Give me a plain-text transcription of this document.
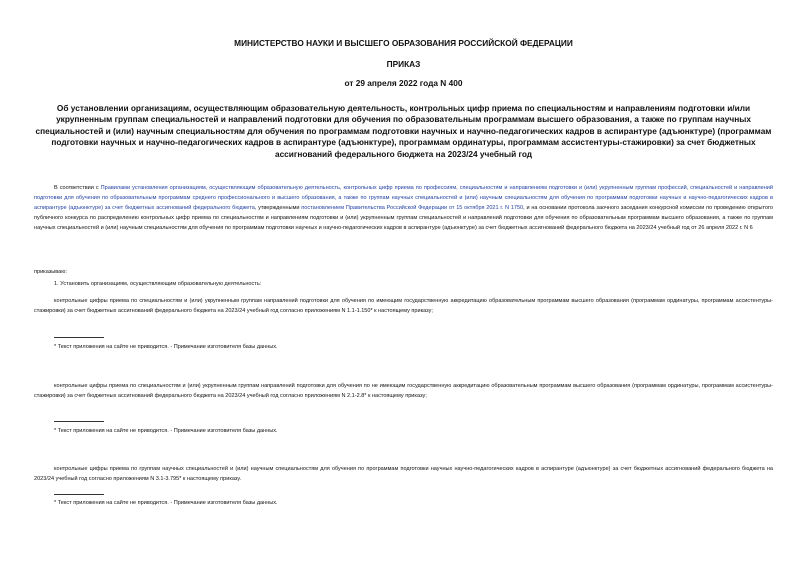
МИНИСТЕРСТВО НАУКИ И ВЫСШЕГО ОБРАЗОВАНИЯ РОССИЙСКОЙ ФЕДЕРАЦИИ
ПРИКАЗ
от 29 апреля 2022 года N 400
Об установлении организациям, осуществляющим образовательную деятельность, контрольных цифр приема по специальностям и направлениям подготовки и/или укрупненным группам специальностей и направлений подготовки для обучения по образовательным программам высшего образования, а также по группам научных специальностей и (или) научным специальностям для обучения по программам подготовки научных и научно-педагогических кадров в аспирантуре (адъюнктуре) (программам подготовки научных и научно-педагогических кадров в аспирантуре (адъюнктуре), программам ординатуры, программам ассистентуры-стажировки) за счет бюджетных ассигнований федерального бюджета на 2023/24 учебный год
В соответствии с Правилами установления организациям, осуществляющим образовательную деятельность, контрольных цифр приема по профессиям, специальностям и направлениям подготовки и (или) укрупненным группам профессий, специальностей и направлений подготовки для обучения по образовательным программам среднего профессионального и высшего образования, а также по группам научных специальностей и (или) научным специальностям для обучения по программам подготовки научных и научно-педагогических кадров в аспирантуре (адъюнктуре) за счет бюджетных ассигнований федерального бюджета, утвержденными постановлением Правительства Российской Федерации от 15 октября 2021 г. N 1750, и на основании протокола заочного заседания конкурсной комиссии по проведению открытого публичного конкурса по распределению контрольных цифр приема по специальностям и направлениям подготовки и (или) укрупненным группам специальностей и направлений подготовки для обучения по образовательным программам высшего образования, а также по группам научных специальностей и (или) научным специальностям для обучения по программам подготовки научных и научно-педагогических кадров в аспирантуре (адъюнктуре) за счет бюджетных ассигнований федерального бюджета на 2023/24 учебный год от 26 апреля 2022 г. N 6
приказываю:
1. Установить организациям, осуществляющим образовательную деятельность:
контрольные цифры приема по специальностям и (или) укрупненным группам направлений подготовки для обучения по имеющим государственную аккредитацию образовательным программам высшего образования (программам ординатуры, программам ассистентуры-стажировки) за счет бюджетных ассигнований федерального бюджета на 2023/24 учебный год согласно приложениям N 1.1-1.150* к настоящему приказу;
* Текст приложения на сайте не приводится. - Примечание изготовителя базы данных.
контрольные цифры приема по специальностям и (или) укрупненным группам направлений подготовки для обучения по не имеющим государственную аккредитацию образовательным программам высшего образования (программам ординатуры, программам ассистентуры-стажировки) за счет бюджетных ассигнований федерального бюджета на 2023/24 учебный год согласно приложениям N 2.1-2.8* к настоящему приказу;
* Текст приложения на сайте не приводится. - Примечание изготовителя базы данных.
контрольные цифры приема по группам научных специальностей и (или) научным специальностям для обучения по программам подготовки научных научно-педагогических кадров в аспирантуре (адъюнктуре) за счет бюджетных ассигнований федерального бюджета на 2023/24 учебный год согласно приложениям N 3.1-3.795* к настоящему приказу.
* Текст приложения на сайте не приводится. - Примечание изготовителя базы данных.
